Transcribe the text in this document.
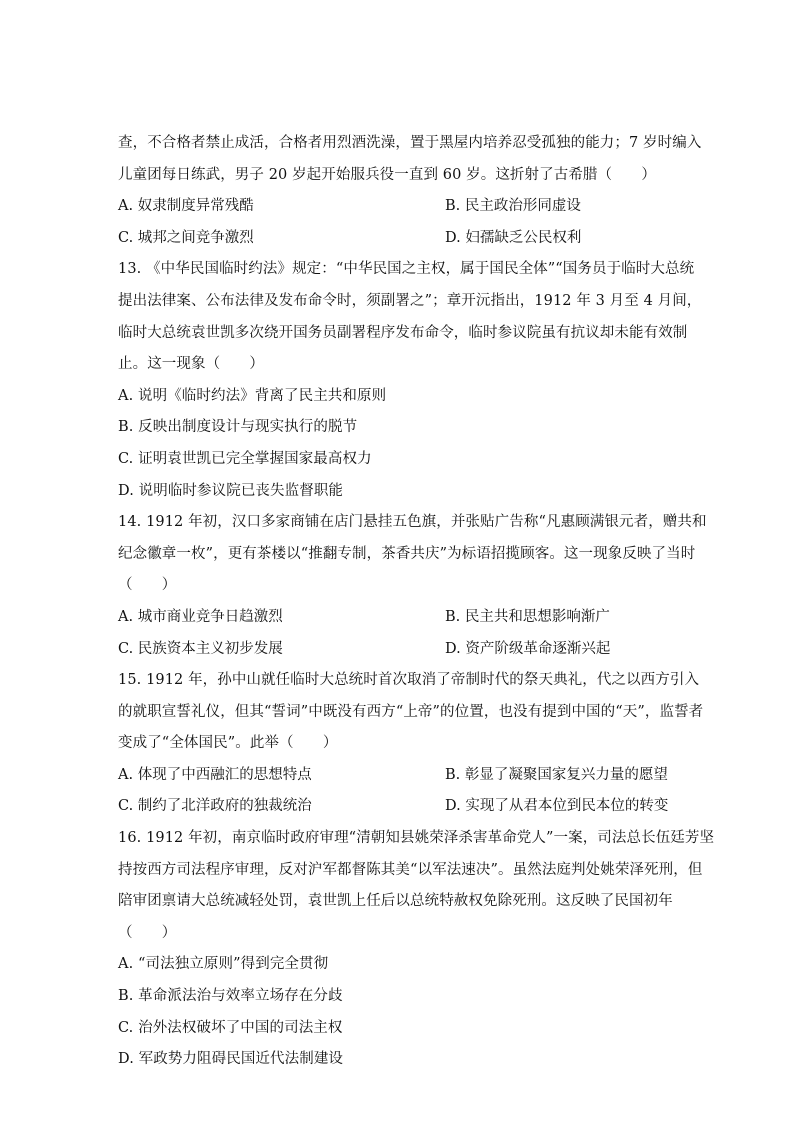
查，不合格者禁止成活，合格者用烈酒洗澡，置于黑屋内培养忍受孤独的能力；7 岁时编入
儿童团每日练武，男子 20 岁起开始服兵役一直到 60 岁。这折射了古希腊（　　）
A. 奴隶制度异常残酷	B. 民主政治形同虚设
C. 城邦之间竞争激烈	D. 妇孺缺乏公民权利
13. 《中华民国临时约法》规定：“中华民国之主权，属于国民全体”“国务员于临时大总统
提出法律案、公布法律及发布命令时，须副署之”；章开沅指出，1912 年 3 月至 4 月间，
临时大总统袁世凯多次绕开国务员副署程序发布命令，临时参议院虽有抗议却未能有效制
止。这一现象（　　）
A. 说明《临时约法》背离了民主共和原则
B. 反映出制度设计与现实执行的脱节
C. 证明袁世凯已完全掌握国家最高权力
D. 说明临时参议院已丧失监督职能
14. 1912 年初，汉口多家商铺在店门悬挂五色旗，并张贴广告称“凡惠顾满银元者，赠共和
纪念徽章一枚”，更有茶楼以“推翻专制，茶香共庆”为标语招揽顾客。这一现象反映了当时
（　　）
A. 城市商业竞争日趋激烈	B. 民主共和思想影响渐广
C. 民族资本主义初步发展	D. 资产阶级革命逐渐兴起
15. 1912 年，孙中山就任临时大总统时首次取消了帝制时代的祭天典礼，代之以西方引入
的就职宣誓礼仪，但其“誓词”中既没有西方“上帝”的位置，也没有提到中国的“天”，监誓者
变成了“全体国民”。此举（　　）
A. 体现了中西融汇的思想特点	B. 彰显了凝聚国家复兴力量的愿望
C. 制约了北洋政府的独裁统治	D. 实现了从君本位到民本位的转变
16. 1912 年初，南京临时政府审理“清朝知县姚荣泽杀害革命党人”一案，司法总长伍廷芳坚
持按西方司法程序审理，反对沪军都督陈其美“以军法速决”。虽然法庭判处姚荣泽死刑，但
陪审团禀请大总统减轻处罚，袁世凯上任后以总统特赦权免除死刑。这反映了民国初年
（　　）
A. “司法独立原则”得到完全贯彻
B. 革命派法治与效率立场存在分歧
C. 治外法权破坏了中国的司法主权
D. 军政势力阻碍民国近代法制建设
